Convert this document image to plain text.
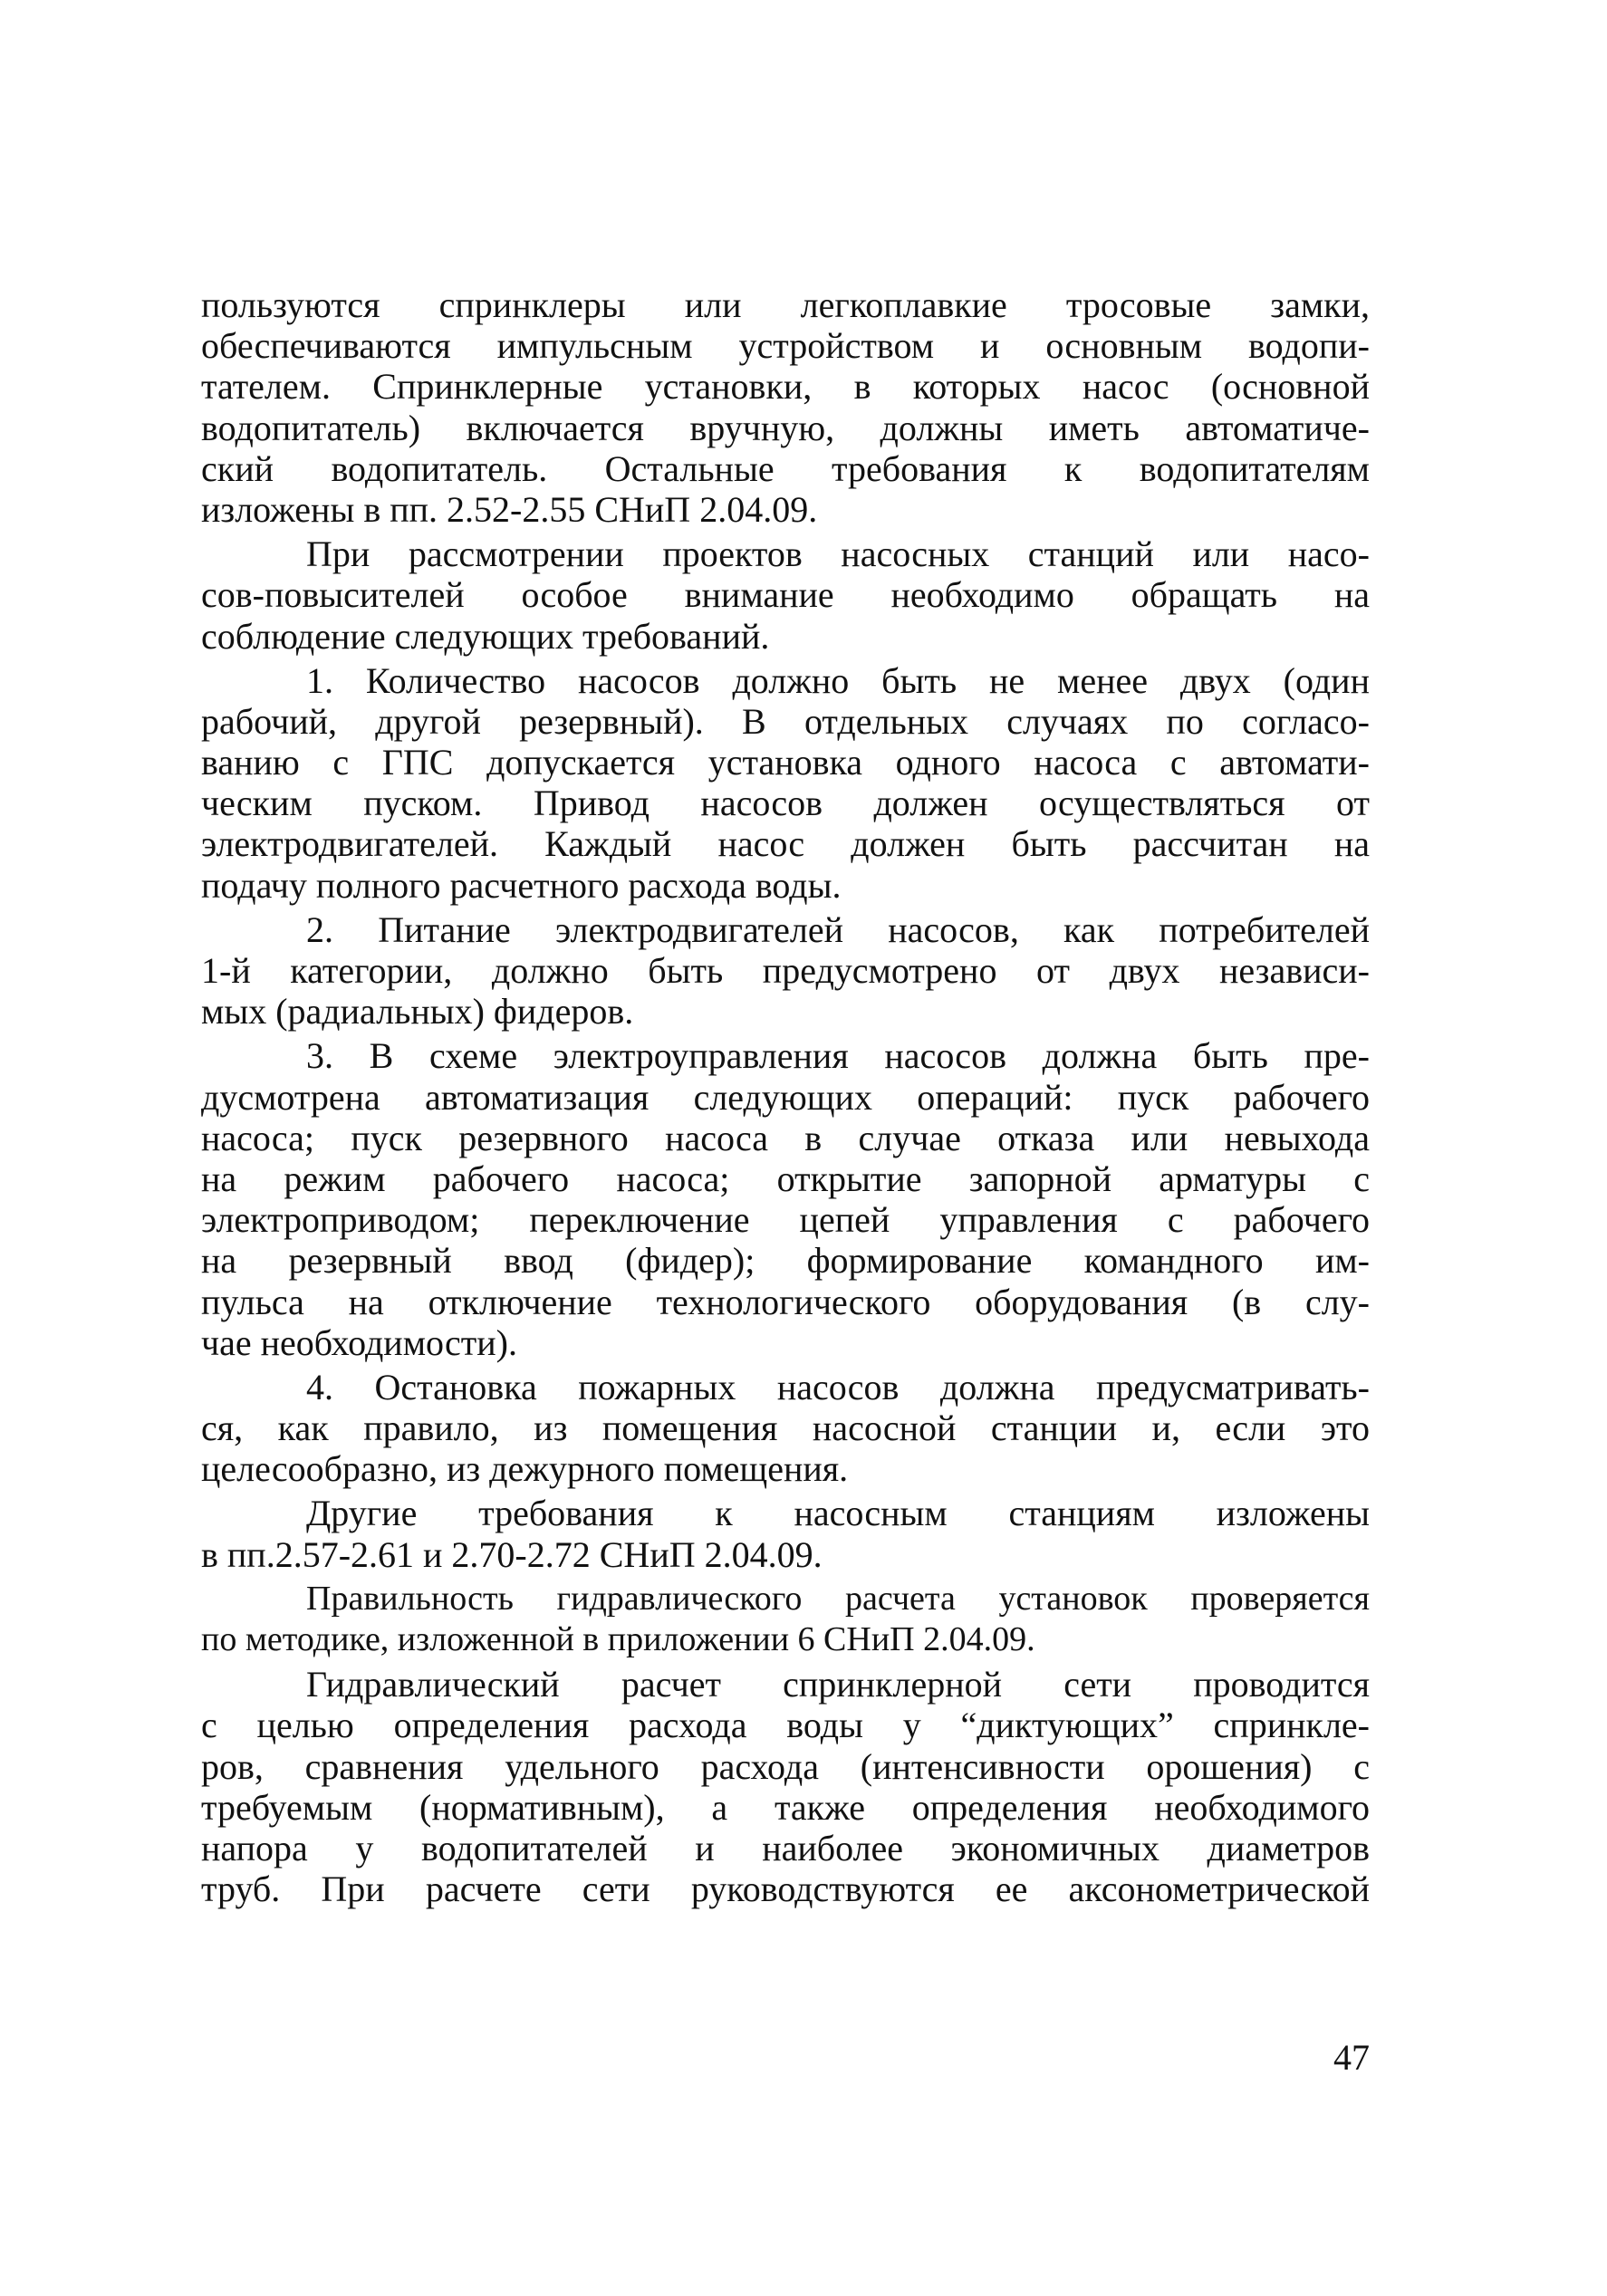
пользуются спринклеры или легкоплавкие тросовые замки,
обеспечиваются импульсным устройством и основным водопи-
тателем. Спринклерные установки, в которых насос (основной
водопитатель) включается вручную, должны иметь автоматиче-
ский водопитатель. Остальные требования к водопитателям
изложены в пп. 2.52-2.55 СНиП 2.04.09.
При рассмотрении проектов насосных станций или насо-
сов-повысителей особое внимание необходимо обращать на
соблюдение следующих требований.
1. Количество насосов должно быть не менее двух (один
рабочий, другой резервный). В отдельных случаях по согласо-
ванию с ГПС допускается установка одного насоса с автомати-
ческим пуском. Привод насосов должен осуществляться от
электродвигателей. Каждый насос должен быть рассчитан на
подачу полного расчетного расхода воды.
2. Питание электродвигателей насосов, как потребителей
1-й категории, должно быть предусмотрено от двух независи-
мых (радиальных) фидеров.
3. В схеме электроуправления насосов должна быть пре-
дусмотрена автоматизация следующих операций: пуск рабочего
насоса; пуск резервного насоса в случае отказа или невыхода
на режим рабочего насоса; открытие запорной арматуры с
электроприводом; переключение цепей управления с рабочего
на резервный ввод (фидер); формирование командного им-
пульса на отключение технологического оборудования (в слу-
чае необходимости).
4. Остановка пожарных насосов должна предусматривать-
ся, как правило, из помещения насосной станции и, если это
целесообразно, из дежурного помещения.
Другие требования к насосным станциям изложены
в пп.2.57-2.61 и 2.70-2.72 СНиП 2.04.09.
Правильность гидравлического расчета установок проверяется
по методике, изложенной в приложении 6 СНиП 2.04.09.
Гидравлический расчет спринклерной сети проводится
с целью определения расхода воды у “диктующих” спринкле-
ров, сравнения удельного расхода (интенсивности орошения) с
требуемым (нормативным), а также определения необходимого
напора у водопитателей и наиболее экономичных диаметров
труб. При расчете сети руководствуются ее аксонометрической
47
